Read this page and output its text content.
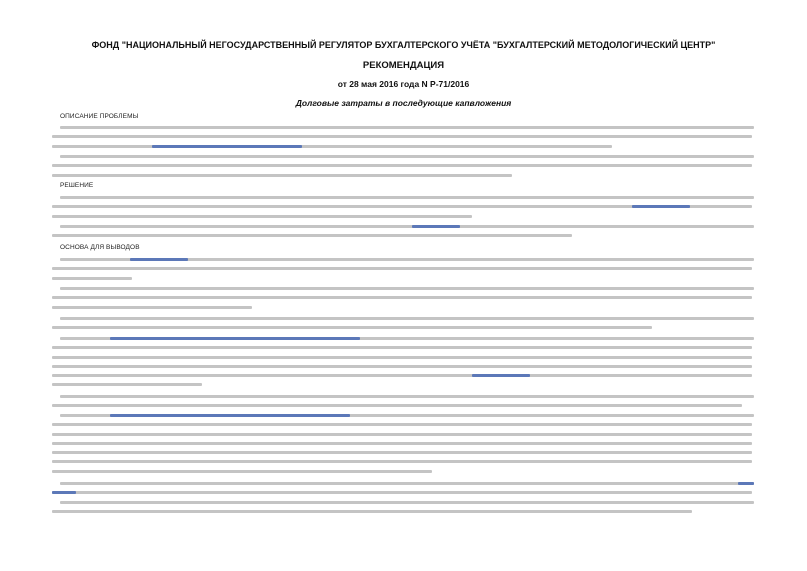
ФОНД "НАЦИОНАЛЬНЫЙ НЕГОСУДАРСТВЕННЫЙ РЕГУЛЯТОР БУХГАЛТЕРСКОГО УЧЁТА "БУХГАЛТЕРСКИЙ МЕТОДОЛОГИЧЕСКИЙ ЦЕНТР"
РЕКОМЕНДАЦИЯ
от 28 мая 2016 года N Р-71/2016
Долговые затраты в последующие капвложения
ОПИСАНИЕ ПРОБЛЕМЫ
РЕШЕНИЕ
ОСНОВА ДЛЯ ВЫВОДОВ
